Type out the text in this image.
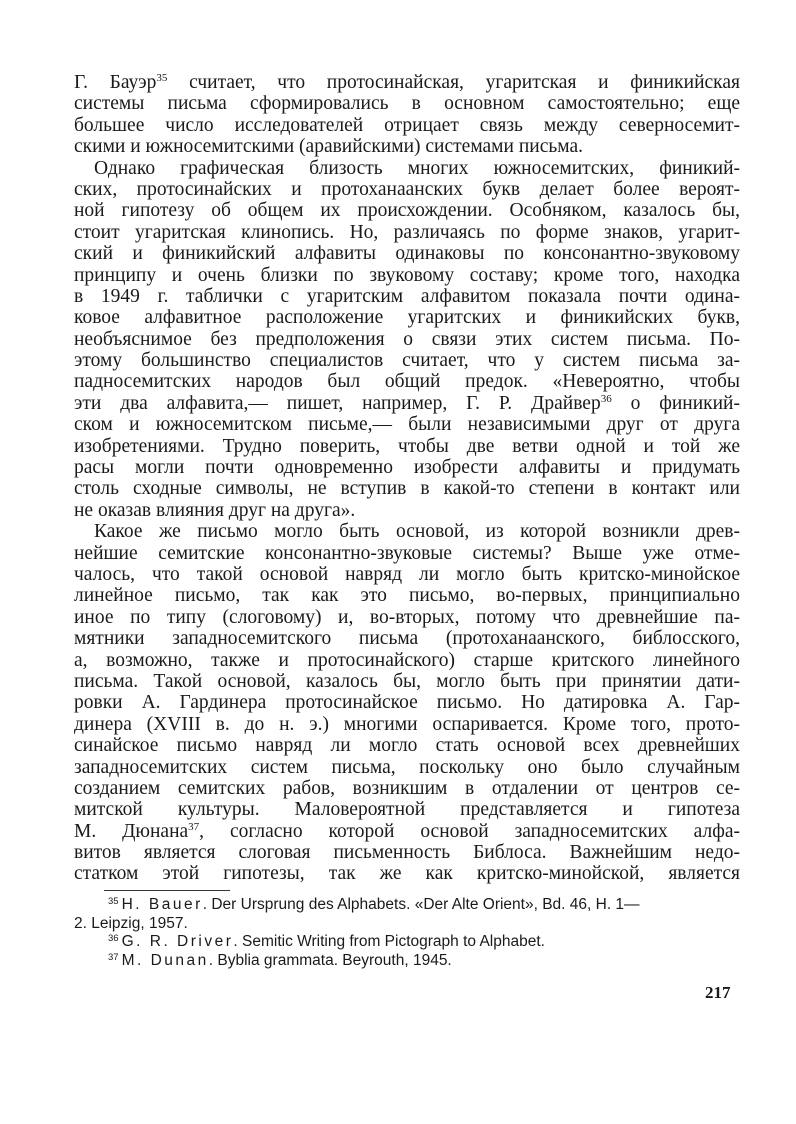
Г. Бауэр$^{35}$ считает, что протосинайская, угаритская и финикийская
системы письма сформировались в основном самостоятельно; еще
большее число исследователей отрицает связь между северносемит-
скими и южносемитскими (аравийскими) системами письма.
Однако графическая близость многих южносемитских, финикий-
ских, протосинайских и протоханаанских букв делает более вероят-
ной гипотезу об общем их происхождении. Особняком, казалось бы,
стоит угаритская клинопись. Но, различаясь по форме знаков, угарит-
ский и финикийский алфавиты одинаковы по консонантно-звуковому
принципу и очень близки по звуковому составу; кроме того, находка
в 1949 г. таблички с угаритским алфавитом показала почти одина-
ковое алфавитное расположение угаритских и финикийских букв,
необъяснимое без предположения о связи этих систем письма. По-
этому большинство специалистов считает, что у систем письма за-
падносемитских народов был общий предок. «Невероятно, чтобы
эти два алфавита,— пишет, например, Г. Р. Драйвер$^{36}$ о финикий-
ском и южносемитском письме,— были независимыми друг от друга
изобретениями. Трудно поверить, чтобы две ветви одной и той же
расы могли почти одновременно изобрести алфавиты и придумать
столь сходные символы, не вступив в какой-то степени в контакт или
не оказав влияния друг на друга».
Какое же письмо могло быть основой, из которой возникли древ-
нейшие семитские консонантно-звуковые системы? Выше уже отме-
чалось, что такой основой навряд ли могло быть критско-минойское
линейное письмо, так как это письмо, во-первых, принципиально
иное по типу (слоговому) и, во-вторых, потому что древнейшие па-
мятники западносемитского письма (протоханаанского, библосского,
а, возможно, также и протосинайского) старше критского линейного
письма. Такой основой, казалось бы, могло быть при принятии дати-
ровки А. Гардинера протосинайское письмо. Но датировка А. Гар-
динера (XVIII в. до н. э.) многими оспаривается. Кроме того, прото-
синайское письмо навряд ли могло стать основой всех древнейших
западносемитских систем письма, поскольку оно было случайным
созданием семитских рабов, возникшим в отдалении от центров се-
митской культуры. Маловероятной представляется и гипотеза
М. Дюнана$^{37}$, согласно которой основой западносемитских алфа-
витов является слоговая письменность Библоса. Важнейшим недо-
статком этой гипотезы, так же как критско-минойской, является
$^{35}$ H. Bauer. Der Ursprung des Alphabets. «Der Alte Orient», Bd. 46, H. 1—
2. Leipzig, 1957.
$^{36}$ G. R. Driver. Semitic Writing from Pictograph to Alphabet.
$^{37}$ M. Dunan. Byblia grammata. Beyrouth, 1945.
217
